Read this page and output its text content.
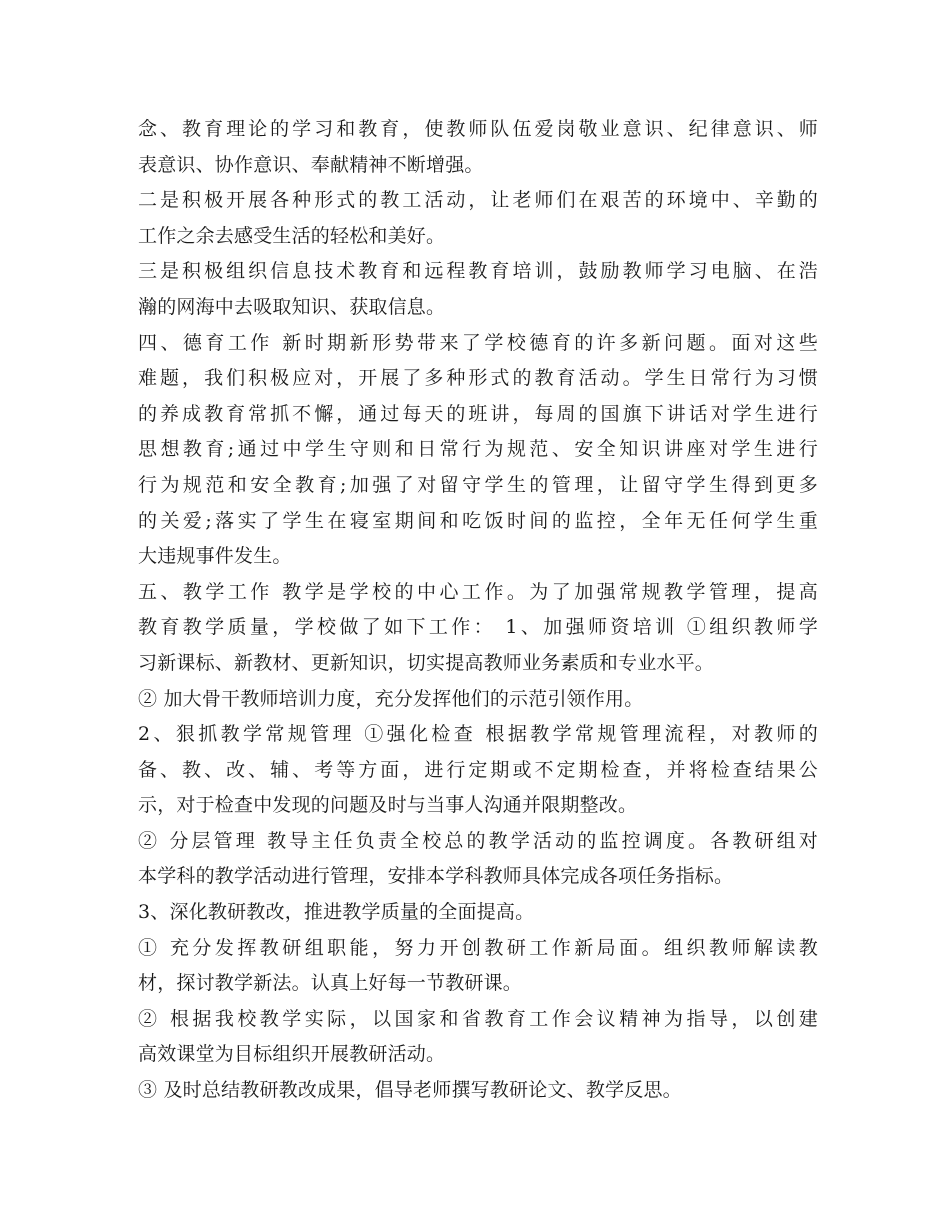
念、教育理论的学习和教育，使教师队伍爱岗敬业意识、纪律意识、师
表意识、协作意识、奉献精神不断增强。
二是积极开展各种形式的教工活动，让老师们在艰苦的环境中、辛勤的
工作之余去感受生活的轻松和美好。
三是积极组织信息技术教育和远程教育培训，鼓励教师学习电脑、在浩
瀚的网海中去吸取知识、获取信息。
四、德育工作 新时期新形势带来了学校德育的许多新问题。面对这些
难题，我们积极应对，开展了多种形式的教育活动。学生日常行为习惯
的养成教育常抓不懈，通过每天的班讲，每周的国旗下讲话对学生进行
思想教育;通过中学生守则和日常行为规范、安全知识讲座对学生进行
行为规范和安全教育;加强了对留守学生的管理，让留守学生得到更多
的关爱;落实了学生在寝室期间和吃饭时间的监控，全年无任何学生重
大违规事件发生。
五、教学工作 教学是学校的中心工作。为了加强常规教学管理，提高
教育教学质量，学校做了如下工作： 1、加强师资培训 ①组织教师学
习新课标、新教材、更新知识，切实提高教师业务素质和专业水平。
② 加大骨干教师培训力度，充分发挥他们的示范引领作用。
2、狠抓教学常规管理 ①强化检查 根据教学常规管理流程，对教师的
备、教、改、辅、考等方面，进行定期或不定期检查，并将检查结果公
示，对于检查中发现的问题及时与当事人沟通并限期整改。
② 分层管理 教导主任负责全校总的教学活动的监控调度。各教研组对
本学科的教学活动进行管理，安排本学科教师具体完成各项任务指标。
3、深化教研教改，推进教学质量的全面提高。
① 充分发挥教研组职能，努力开创教研工作新局面。组织教师解读教
材，探讨教学新法。认真上好每一节教研课。
② 根据我校教学实际，以国家和省教育工作会议精神为指导，以创建
高效课堂为目标组织开展教研活动。
③ 及时总结教研教改成果，倡导老师撰写教研论文、教学反思。
